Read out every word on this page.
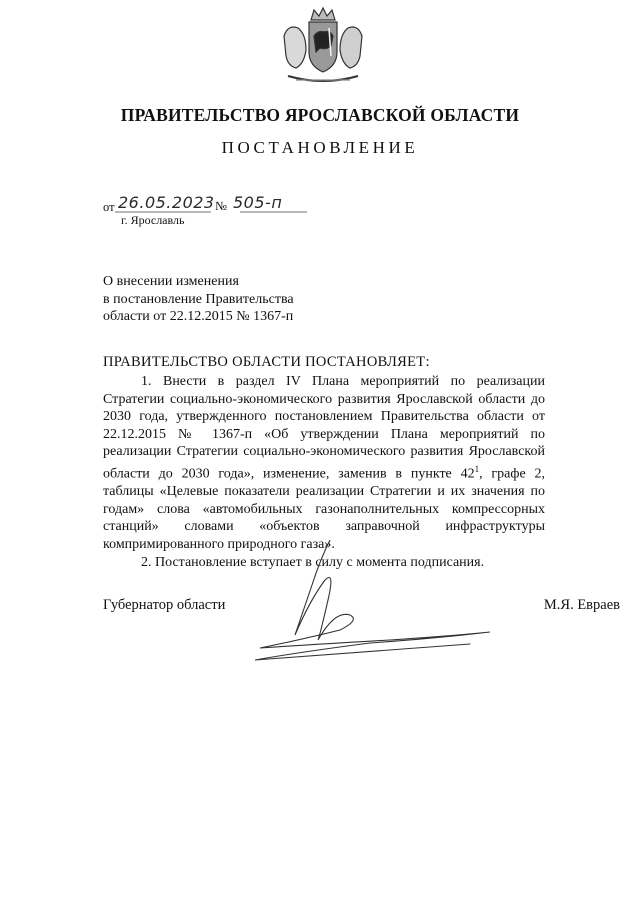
ПРАВИТЕЛЬСТВО ЯРОСЛАВСКОЙ ОБЛАСТИ
ПОСТАНОВЛЕНИЕ
от 26.05.2023 № 505-п
г. Ярославль
О внесении изменения
в постановление Правительства
области от 22.12.2015 № 1367-п
ПРАВИТЕЛЬСТВО ОБЛАСТИ ПОСТАНОВЛЯЕТ:

1. Внести в раздел IV Плана мероприятий по реализации Стратегии социально-экономического развития Ярославской области до 2030 года, утвержденного постановлением Правительства области от 22.12.2015 № 1367-п «Об утверждении Плана мероприятий по реализации Стратегии социально-экономического развития Ярославской области до 2030 года», изменение, заменив в пункте $42^1$, графе 2, таблицы «Целевые показатели реализации Стратегии и их значения по годам» слова «автомобильных газонаполнительных компрессорных станций» словами «объектов заправочной инфраструктуры компримированного природного газа».

2. Постановление вступает в силу с момента подписания.

Губернатор области	М.Я. Евраев
